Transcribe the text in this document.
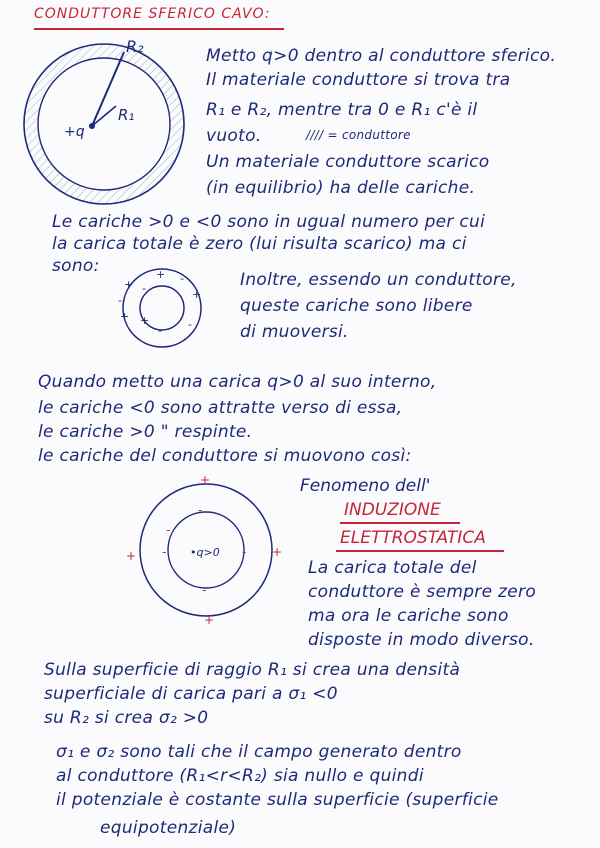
CONDUTTORE SFERICO CAVO:
R₂
R₁
+q
Metto q>0 dentro al conduttore sferico.
Il materiale conduttore si trova tra
R₁ e R₂, mentre tra 0 e R₁ c'è il
vuoto.	//// = conduttore
Un materiale conduttore scarico
(in equilibrio) ha delle cariche.
Le cariche >0 e <0 sono in ugual numero per cui
la carica totale è zero (lui risulta scarico) ma ci
sono:	+
+
+
+
+
-
-
-
-
-	Inoltre, essendo un conduttore,
queste cariche sono libere
di muoversi.
Quando metto una carica q>0 al suo interno,
le cariche <0 sono attratte verso di essa,
le cariche >0 " respinte.
le cariche del conduttore si muovono così:
Fenomeno dell'
INDUZIONE
ELETTROSTATICA
+
+	+
+
-
-	-
-
-
•q>0
La carica totale del
conduttore è sempre zero
ma ora le cariche sono
disposte in modo diverso.
Sulla superficie di raggio R₁ si crea una densità
superficiale di carica pari a σ₁ <0
su R₂ si crea σ₂ >0
σ₁ e σ₂ sono tali che il campo generato dentro
al conduttore (R₁<r<R₂) sia nullo e quindi
il potenziale è costante sulla superficie (superficie
equipotenziale)
